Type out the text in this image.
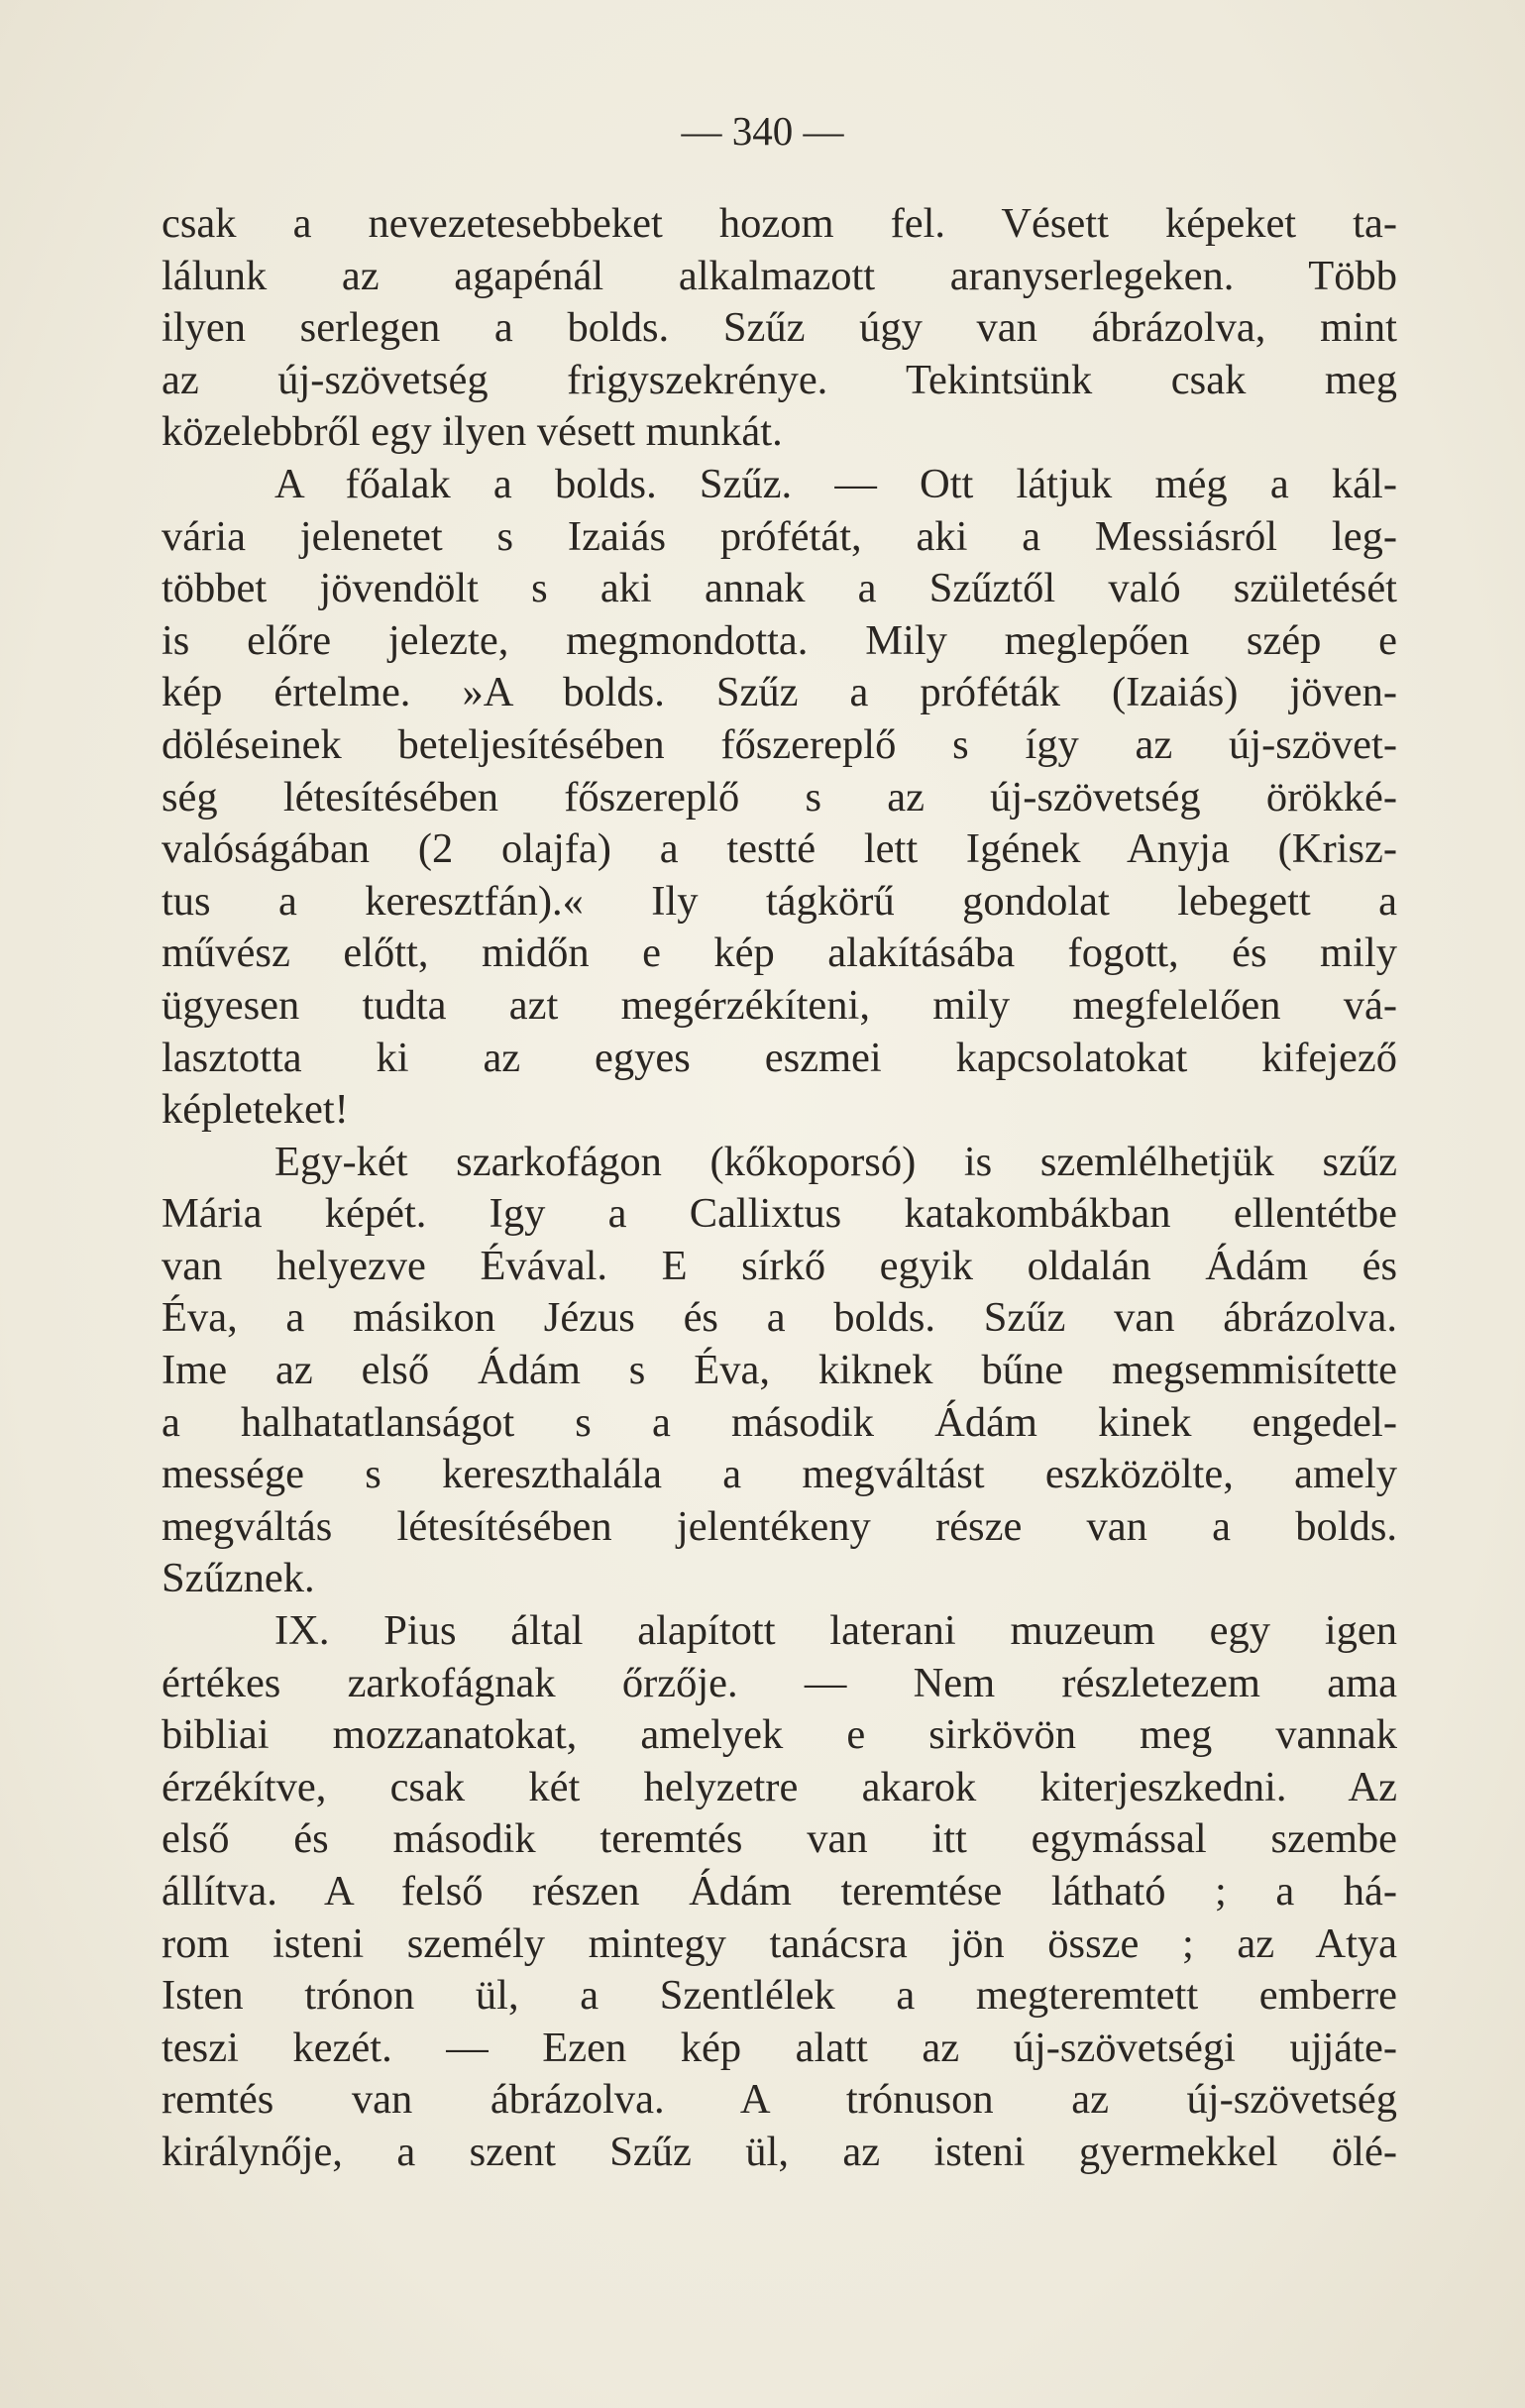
— 340 —
csak a nevezetesebbeket hozom fel. Vésett képeket ta-
lálunk az agapénál alkalmazott aranyserlegeken. Több
ilyen serlegen a bolds. Szűz úgy van ábrázolva, mint
az új-szövetség frigyszekrénye. Tekintsünk csak meg
közelebbről egy ilyen vésett munkát.
A főalak a bolds. Szűz. — Ott látjuk még a kál-
vária jelenetet s Izaiás prófétát, aki a Messiásról leg-
többet jövendölt s aki annak a Szűztől való születését
is előre jelezte, megmondotta. Mily meglepően szép e
kép értelme. »A bolds. Szűz a próféták (Izaiás) jöven-
döléseinek beteljesítésében főszereplő s így az új-szövet-
ség létesítésében főszereplő s az új-szövetség örökké-
valóságában (2 olajfa) a testté lett Igének Anyja (Krisz-
tus a keresztfán).« Ily tágkörű gondolat lebegett a
művész előtt, midőn e kép alakításába fogott, és mily
ügyesen tudta azt megérzékíteni, mily megfelelően vá-
lasztotta ki az egyes eszmei kapcsolatokat kifejező
képleteket!
Egy-két szarkofágon (kőkoporsó) is szemlélhetjük szűz
Mária képét. Igy a Callixtus katakombákban ellentétbe
van helyezve Évával. E sírkő egyik oldalán Ádám és
Éva, a másikon Jézus és a bolds. Szűz van ábrázolva.
Ime az első Ádám s Éva, kiknek bűne megsemmisítette
a halhatatlanságot s a második Ádám kinek engedel-
messége s kereszthalála a megváltást eszközölte, amely
megváltás létesítésében jelentékeny része van a bolds.
Szűznek.
IX. Pius által alapított laterani muzeum egy igen
értékes zarkofágnak őrzője. — Nem részletezem ama
bibliai mozzanatokat, amelyek e sirkövön meg vannak
érzékítve, csak két helyzetre akarok kiterjeszkedni. Az
első és második teremtés van itt egymással szembe
állítva. A felső részen Ádám teremtése látható ; a há-
rom isteni személy mintegy tanácsra jön össze ; az Atya
Isten trónon ül, a Szentlélek a megteremtett emberre
teszi kezét. — Ezen kép alatt az új-szövetségi ujjáte-
remtés van ábrázolva. A trónuson az új-szövetség
királynője, a szent Szűz ül, az isteni gyermekkel ölé-
